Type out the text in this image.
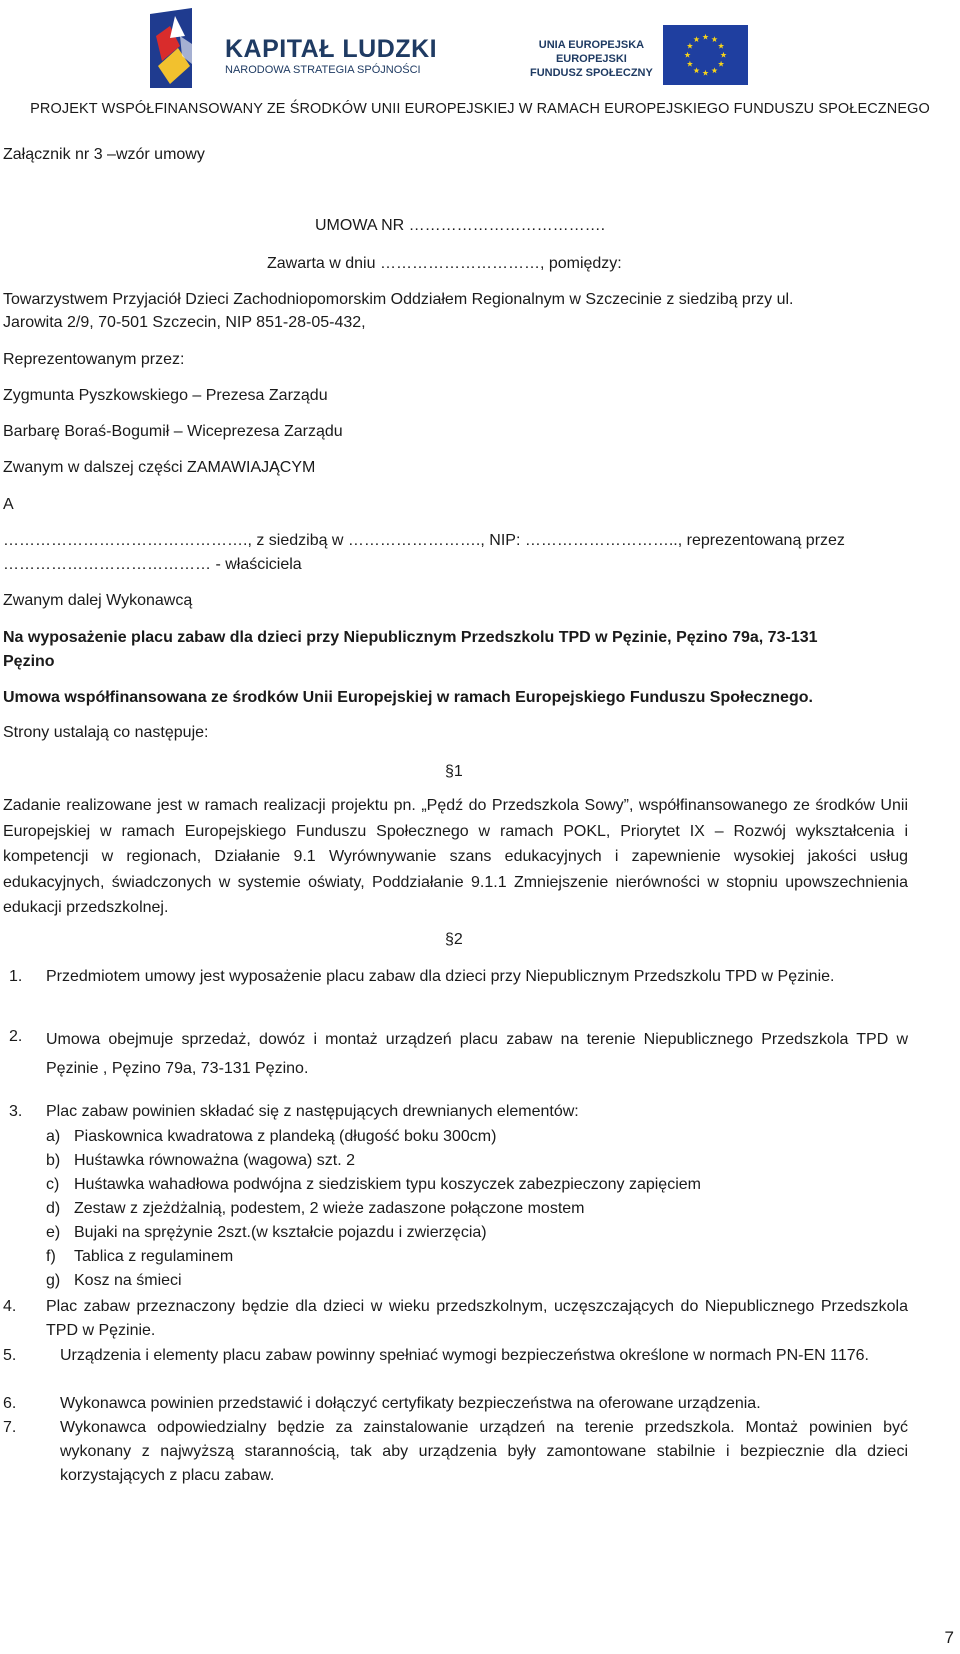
KAPITAŁ LUDZKI
NARODOWA STRATEGIA SPÓJNOŚCI
UNIA EUROPEJSKA
EUROPEJSKI
FUNDUSZ SPOŁECZNY
PROJEKT WSPÓŁFINANSOWANY ZE ŚRODKÓW UNII EUROPEJSKIEJ W RAMACH EUROPEJSKIEGO FUNDUSZU SPOŁECZNEGO
Załącznik nr 3 –wzór umowy
UMOWA NR ……………………………….
Zawarta w dniu …………………………, pomiędzy:
Towarzystwem Przyjaciół Dzieci Zachodniopomorskim Oddziałem Regionalnym w Szczecinie z siedzibą przy ul.
Jarowita 2/9, 70-501 Szczecin, NIP 851-28-05-432,
Reprezentowanym przez:
Zygmunta Pyszkowskiego – Prezesa Zarządu
Barbarę Boraś-Bogumił – Wiceprezesa Zarządu
Zwanym w dalszej części ZAMAWIAJĄCYM
A
………………………………………., z siedzibą w ……………………., NIP: ……………………….., reprezentowaną przez
………………………………… - właściciela
Zwanym dalej Wykonawcą
Na wyposażenie placu zabaw dla dzieci przy Niepublicznym Przedszkolu TPD w Pęzinie, Pęzino 79a, 73-131
Pęzino
Umowa współfinansowana ze środków Unii Europejskiej w ramach Europejskiego Funduszu Społecznego.
Strony ustalają co następuje:
§1
Zadanie realizowane jest w ramach realizacji projektu pn. „Pędź do Przedszkola Sowy”, współfinansowanego ze środków Unii Europejskiej w ramach Europejskiego Funduszu Społecznego w ramach POKL, Priorytet IX – Rozwój wykształcenia i kompetencji w regionach, Działanie 9.1 Wyrównywanie szans edukacyjnych i zapewnienie wysokiej jakości usług edukacyjnych, świadczonych w systemie oświaty, Poddziałanie 9.1.1 Zmniejszenie nierówności w stopniu upowszechnienia edukacji przedszkolnej.
§2
1. Przedmiotem umowy jest wyposażenie placu zabaw dla dzieci przy Niepublicznym Przedszkolu TPD w Pęzinie.
2. Umowa obejmuje sprzedaż, dowóz i montaż urządzeń placu zabaw na terenie Niepublicznego Przedszkola TPD w Pęzinie , Pęzino 79a, 73-131 Pęzino.
3. Plac zabaw powinien składać się z następujących drewnianych elementów:
a) Piaskownica kwadratowa z plandeką (długość boku 300cm)
b) Huśtawka równoważna (wagowa) szt. 2
c) Huśtawka wahadłowa podwójna z siedziskiem typu koszyczek zabezpieczony zapięciem
d) Zestaw z zjeżdżalnią, podestem, 2 wieże zadaszone połączone mostem
e) Bujaki na sprężynie 2szt.(w kształcie pojazdu i zwierzęcia)
f) Tablica z regulaminem
g) Kosz na śmieci
4. Plac zabaw przeznaczony będzie dla dzieci w wieku przedszkolnym, uczęszczających do Niepublicznego Przedszkola TPD w Pęzinie.
5.	Urządzenia i elementy placu zabaw powinny spełniać wymogi bezpieczeństwa określone w normach PN-EN 1176.
6.	Wykonawca powinien przedstawić i dołączyć certyfikaty bezpieczeństwa na oferowane urządzenia.
7.	Wykonawca odpowiedzialny będzie za zainstalowanie urządzeń na terenie przedszkola. Montaż powinien być wykonany z najwyższą starannością, tak aby urządzenia były zamontowane stabilnie i bezpiecznie dla dzieci korzystających z placu zabaw.
7
